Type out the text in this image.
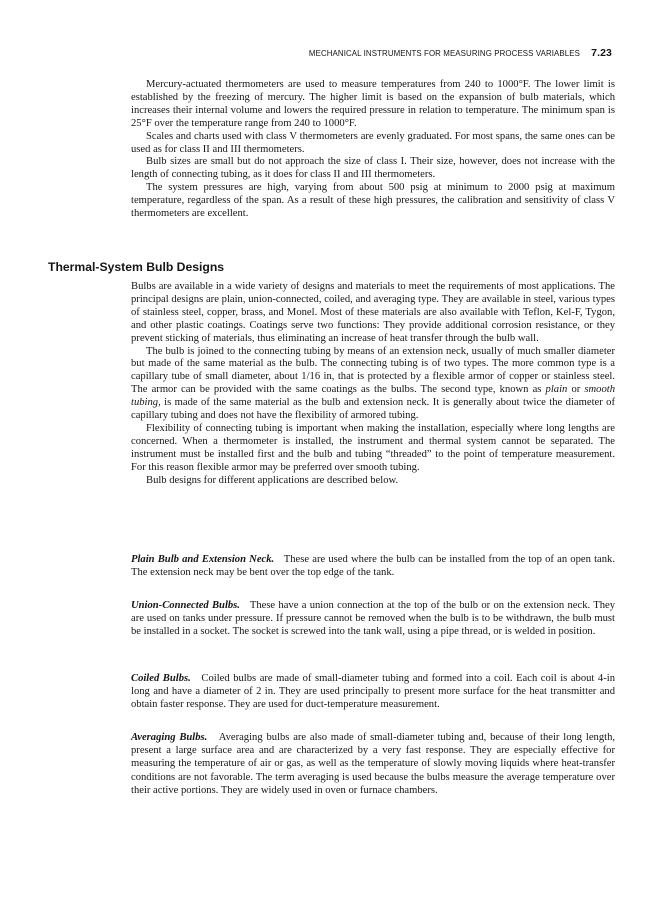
MECHANICAL INSTRUMENTS FOR MEASURING PROCESS VARIABLES 7.23

Mercury-actuated thermometers are used to measure temperatures from 240 to 1000°F. The lower limit is established by the freezing of mercury. The higher limit is based on the expansion of bulb materials, which increases their internal volume and lowers the required pressure in relation to temperature. The minimum span is 25°F over the temperature range from 240 to 1000°F.

Scales and charts used with class V thermometers are evenly graduated. For most spans, the same ones can be used as for class II and III thermometers.

Bulb sizes are small but do not approach the size of class I. Their size, however, does not increase with the length of connecting tubing, as it does for class II and III thermometers.

The system pressures are high, varying from about 500 psig at minimum to 2000 psig at maximum temperature, regardless of the span. As a result of these high pressures, the calibration and sensitivity of class V thermometers are excellent.

Thermal-System Bulb Designs

Bulbs are available in a wide variety of designs and materials to meet the requirements of most applications. The principal designs are plain, union-connected, coiled, and averaging type. They are available in steel, various types of stainless steel, copper, brass, and Monel. Most of these materials are also available with Teflon, Kel-F, Tygon, and other plastic coatings. Coatings serve two functions: They provide additional corrosion resistance, or they prevent sticking of materials, thus eliminating an increase of heat transfer through the bulb wall.

The bulb is joined to the connecting tubing by means of an extension neck, usually of much smaller diameter but made of the same material as the bulb. The connecting tubing is of two types. The more common type is a capillary tube of small diameter, about 1/16 in, that is protected by a flexible armor of copper or stainless steel. The armor can be provided with the same coatings as the bulbs. The second type, known as plain or smooth tubing, is made of the same material as the bulb and extension neck. It is generally about twice the diameter of capillary tubing and does not have the flexibility of armored tubing.

Flexibility of connecting tubing is important when making the installation, especially where long lengths are concerned. When a thermometer is installed, the instrument and thermal system cannot be separated. The instrument must be installed first and the bulb and tubing “threaded” to the point of temperature measurement. For this reason flexible armor may be preferred over smooth tubing.

Bulb designs for different applications are described below.

Plain Bulb and Extension Neck. These are used where the bulb can be installed from the top of an open tank. The extension neck may be bent over the top edge of the tank.

Union-Connected Bulbs. These have a union connection at the top of the bulb or on the extension neck. They are used on tanks under pressure. If pressure cannot be removed when the bulb is to be withdrawn, the bulb must be installed in a socket. The socket is screwed into the tank wall, using a pipe thread, or is welded in position.

Coiled Bulbs. Coiled bulbs are made of small-diameter tubing and formed into a coil. Each coil is about 4-in long and have a diameter of 2 in. They are used principally to present more surface for the heat transmitter and obtain faster response. They are used for duct-temperature measurement.

Averaging Bulbs. Averaging bulbs are also made of small-diameter tubing and, because of their long length, present a large surface area and are characterized by a very fast response. They are especially effective for measuring the temperature of air or gas, as well as the temperature of slowly moving liquids where heat-transfer conditions are not favorable. The term averaging is used because the bulbs measure the average temperature over their active portions. They are widely used in oven or furnace chambers.
